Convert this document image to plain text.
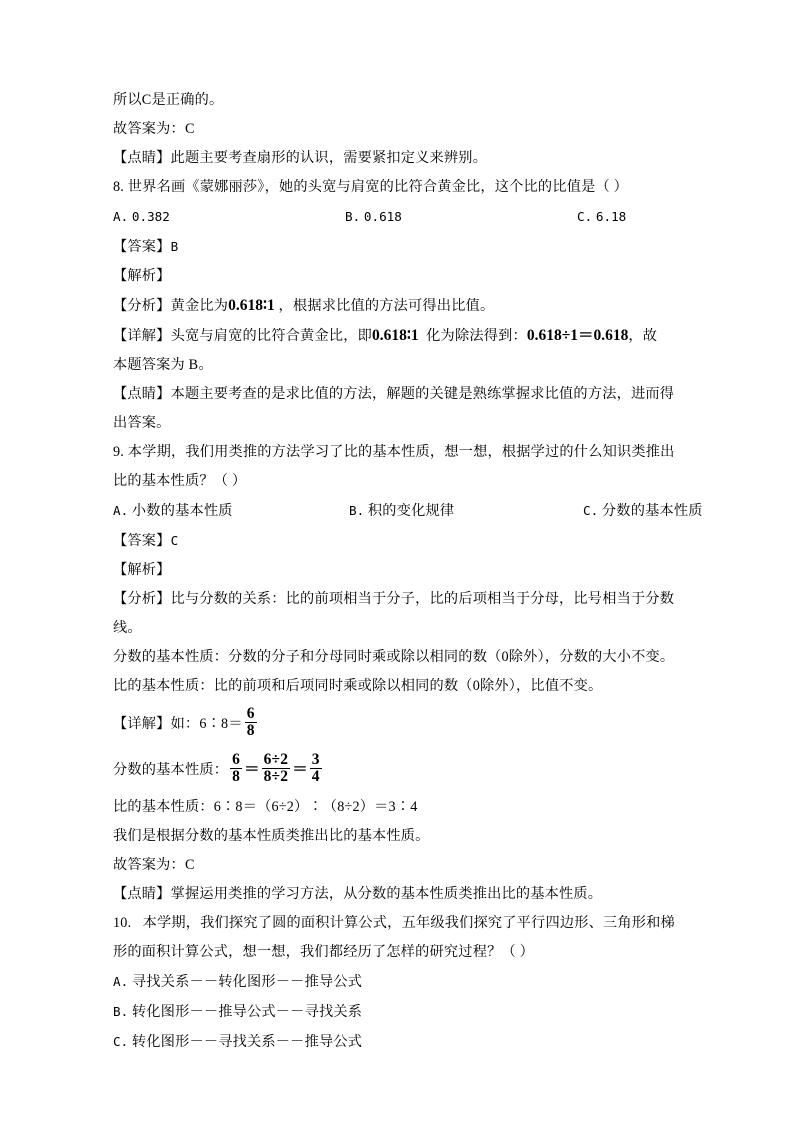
所以C是正确的。
故答案为：C
【点睛】此题主要考查扇形的认识，需要紧扣定义来辨别。
8. 世界名画《蒙娜丽莎》，她的头宽与肩宽的比符合黄金比，这个比的比值是（ ）
A. 0.382	B. 0.618	C. 6.18
【答案】B
【解析】
【分析】黄金比为0.618∶1 ，根据求比值的方法可得出比值。
【详解】头宽与肩宽的比符合黄金比，即0.618∶1 化为除法得到：0.618÷1＝0.618，故
本题答案为 B。
【点睛】本题主要考查的是求比值的方法，解题的关键是熟练掌握求比值的方法，进而得
出答案。
9. 本学期，我们用类推的方法学习了比的基本性质，想一想，根据学过的什么知识类推出
比的基本性质？（ ）
A. 小数的基本性质	B. 积的变化规律	C. 分数的基本性质
【答案】C
【解析】
【分析】比与分数的关系：比的前项相当于分子，比的后项相当于分母，比号相当于分数
线。
分数的基本性质：分数的分子和分母同时乘或除以相同的数（0除外），分数的大小不变。
比的基本性质：比的前项和后项同时乘或除以相同的数（0除外），比值不变。
【详解】如：6∶8＝ $\frac{6}{8}$
分数的基本性质： $\frac{6}{8} = \frac{6\div 2}{8\div 2} = \frac{3}{4}$
比的基本性质：6∶8＝（6÷2）∶（8÷2）＝3∶4
我们是根据分数的基本性质类推出比的基本性质。
故答案为：C
【点睛】掌握运用类推的学习方法，从分数的基本性质类推出比的基本性质。
10. 本学期，我们探究了圆的面积计算公式，五年级我们探究了平行四边形、三角形和梯
形的面积计算公式，想一想，我们都经历了怎样的研究过程？（ ）
A. 寻找关系－－转化图形－－推导公式
B. 转化图形－－推导公式－－寻找关系
C. 转化图形－－寻找关系－－推导公式
